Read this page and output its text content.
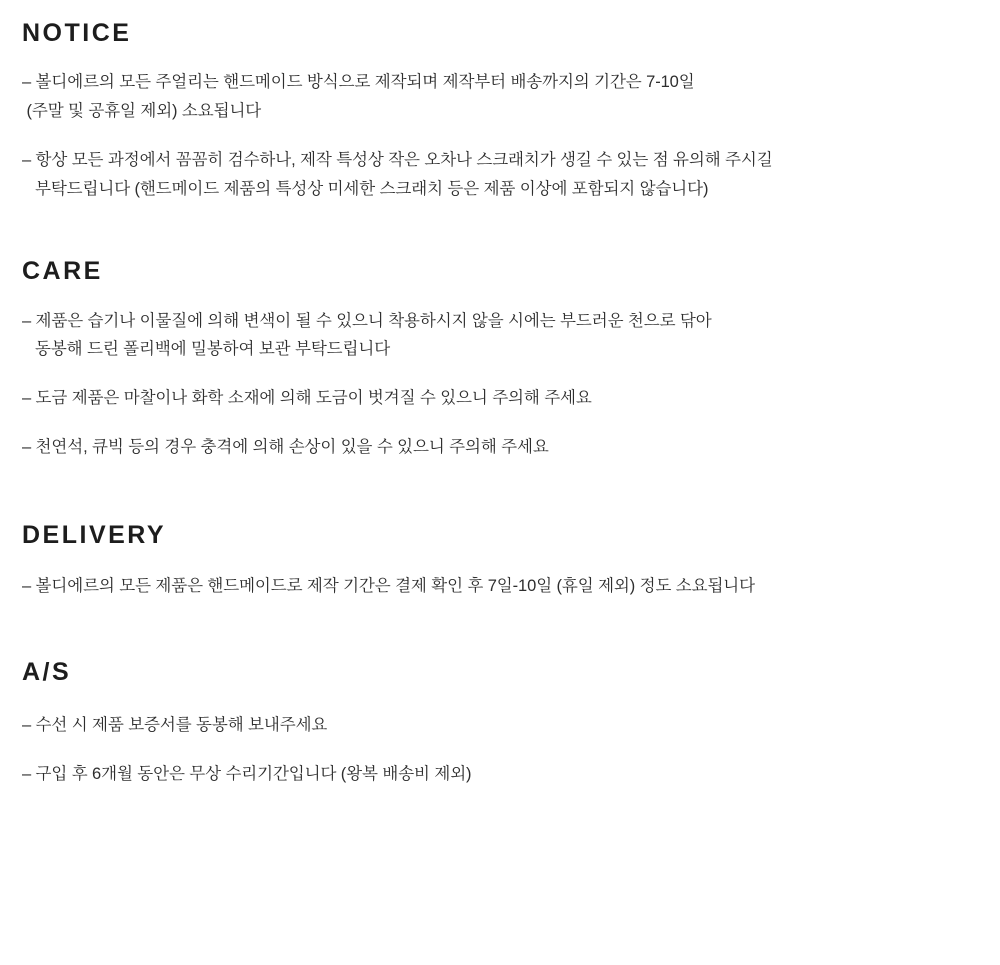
NOTICE

– 볼디에르의 모든 주얼리는 핸드메이드 방식으로 제작되며 제작부터 배송까지의 기간은 7-10일
(주말 및 공휴일 제외) 소요됩니다

– 항상 모든 과정에서 꼼꼼히 검수하나, 제작 특성상 작은 오차나 스크래치가 생길 수 있는 점 유의해 주시길
부탁드립니다 (핸드메이드 제품의 특성상 미세한 스크래치 등은 제품 이상에 포함되지 않습니다)

CARE

– 제품은 습기나 이물질에 의해 변색이 될 수 있으니 착용하시지 않을 시에는 부드러운 천으로 닦아
동봉해 드린 폴리백에 밀봉하여 보관 부탁드립니다

– 도금 제품은 마찰이나 화학 소재에 의해 도금이 벗겨질 수 있으니 주의해 주세요

– 천연석, 큐빅 등의 경우 충격에 의해 손상이 있을 수 있으니 주의해 주세요

DELIVERY

– 볼디에르의 모든 제품은 핸드메이드로 제작 기간은 결제 확인 후 7일-10일 (휴일 제외) 정도 소요됩니다

A/S

– 수선 시 제품 보증서를 동봉해 보내주세요

– 구입 후 6개월 동안은 무상 수리기간입니다 (왕복 배송비 제외)
